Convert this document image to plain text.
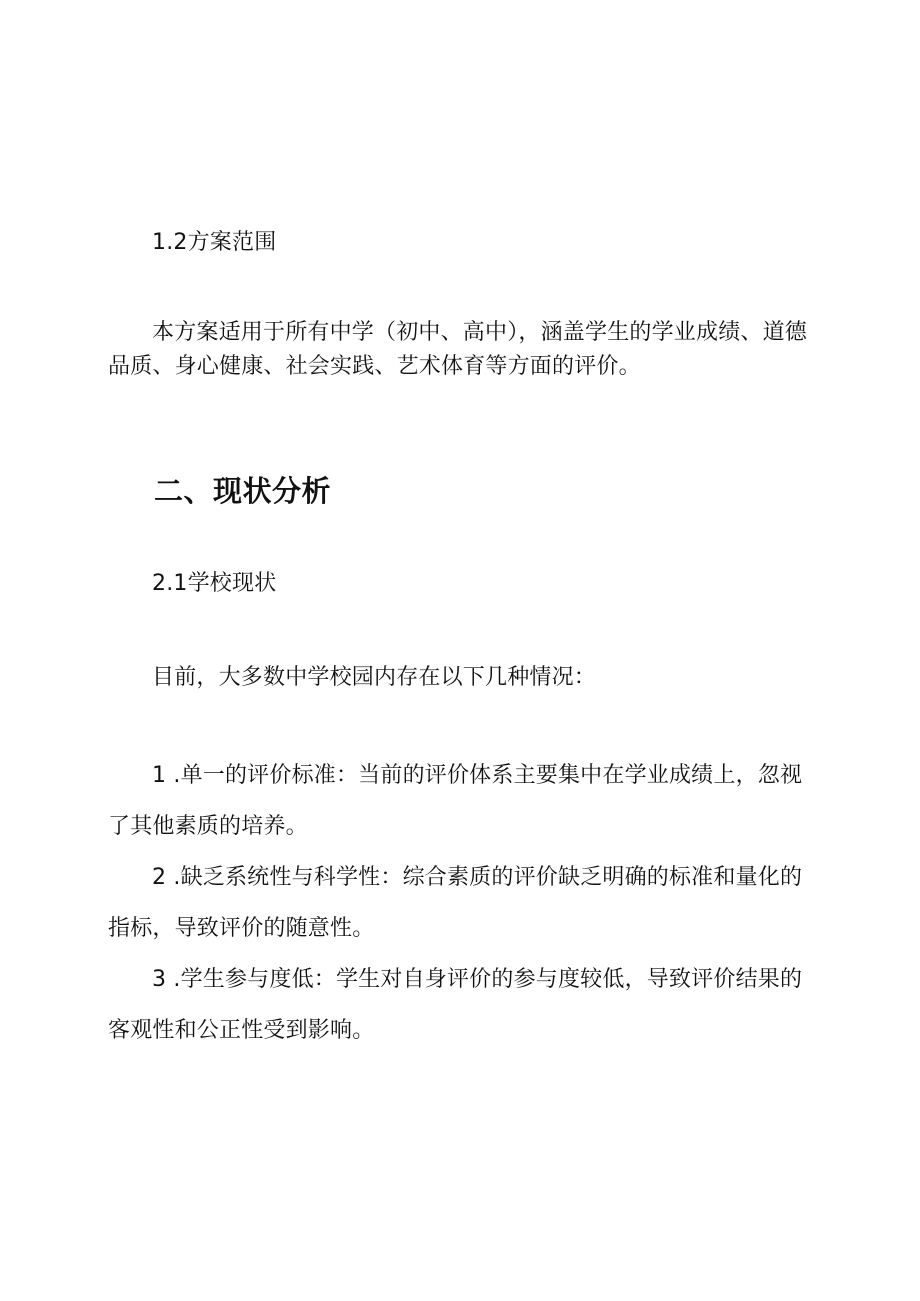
1.2方案范围

本方案适用于所有中学（初中、高中），涵盖学生的学业成绩、道德品质、身心健康、社会实践、艺术体育等方面的评价。

二、现状分析

2.1学校现状

目前，大多数中学校园内存在以下几种情况：

1 .单一的评价标准：当前的评价体系主要集中在学业成绩上，忽视了其他素质的培养。

2 .缺乏系统性与科学性：综合素质的评价缺乏明确的标准和量化的指标，导致评价的随意性。

3 .学生参与度低：学生对自身评价的参与度较低，导致评价结果的客观性和公正性受到影响。
